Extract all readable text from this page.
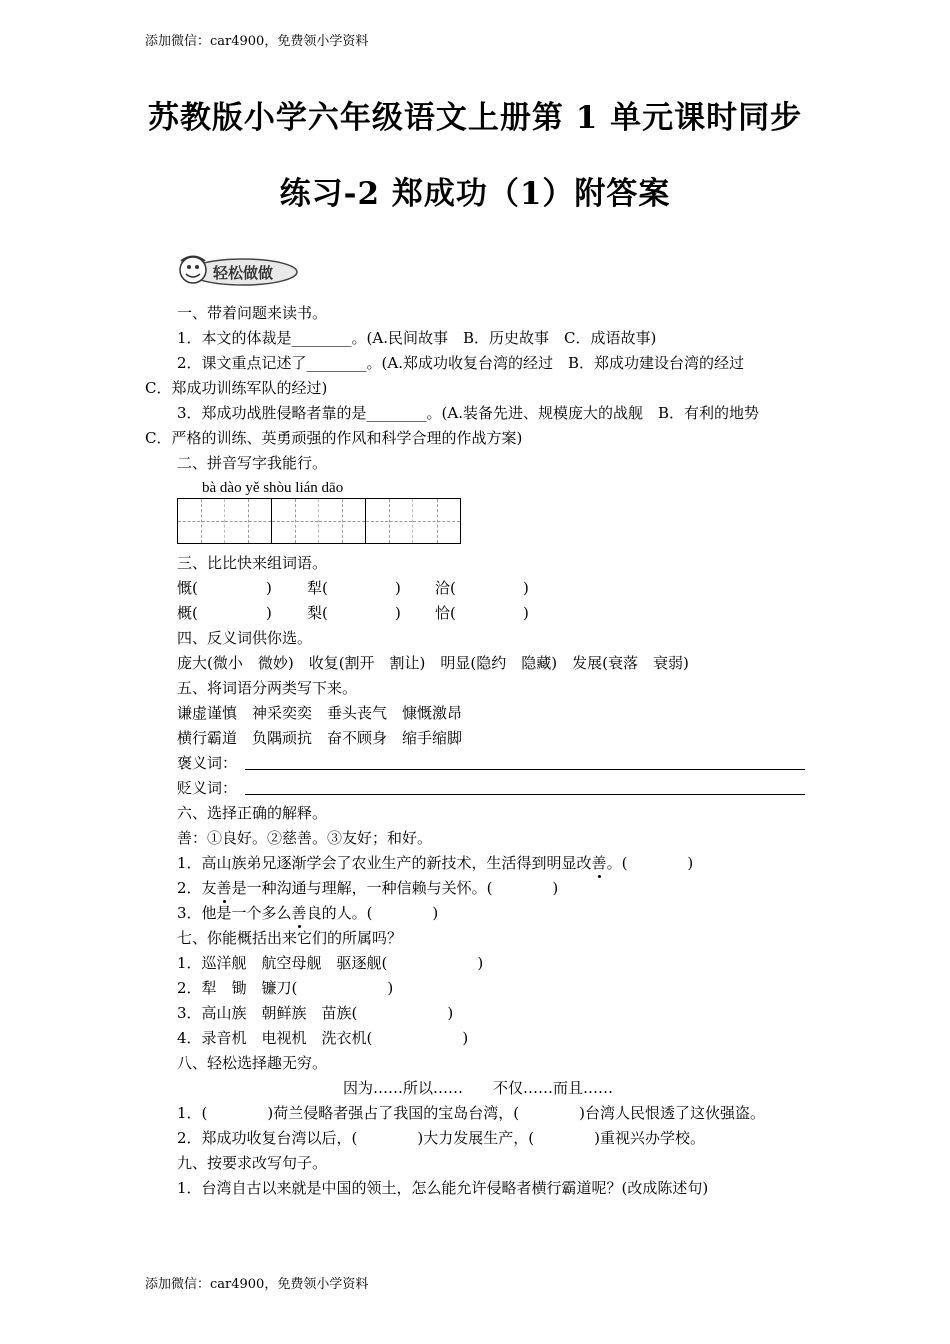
添加微信：car4900，免费领小学资料
苏教版小学六年级语文上册第 1 单元课时同步
练习-2 郑成功（1）附答案
轻松做做
一、带着问题来读书。
1．本文的体裁是________。(A.民间故事　B．历史故事　C．成语故事)
2．课文重点记述了________。(A.郑成功收复台湾的经过　B．郑成功建设台湾的经过
C．郑成功训练军队的经过)
3．郑成功战胜侵略者靠的是________。(A.装备先进、规模庞大的战舰　B．有利的地势
C．严格的训练、英勇顽强的作风和科学合理的作战方案)
二、拼音写字我能行。
bà dào yě shòu lián dāo
三、比比快来组词语。
慨(	) 犁(	) 洽(	)
概(	) 梨(	) 恰(	)
四、反义词供你选。
庞大(微小　微妙)　收复(割开　割让)　明显(隐约　隐藏)　发展(衰落　衰弱)
五、将词语分两类写下来。
谦虚谨慎　神采奕奕　垂头丧气　慷慨激昂
横行霸道　负隅顽抗　奋不顾身　缩手缩脚
褒义词：
贬义词：
六、选择正确的解释。
善：①良好。②慈善。③友好；和好。
1．高山族弟兄逐渐学会了农业生产的新技术，生活得到明显改善。(　　　　)
2．友善是一种沟通与理解，一种信赖与关怀。(　　　　)
3．他是一个多么善良的人。(　　　　)
七、你能概括出来它们的所属吗？
1．巡洋舰　航空母舰　驱逐舰(　　　　　　)
2．犁　锄　镰刀(　　　　　　)
3．高山族　朝鲜族　苗族(　　　　　　)
4．录音机　电视机　洗衣机(　　　　　　)
八、轻松选择趣无穷。
因为……所以……　　不仅……而且……
1．(　　　　)荷兰侵略者强占了我国的宝岛台湾，(　　　　)台湾人民恨透了这伙强盗。
2．郑成功收复台湾以后，(　　　　)大力发展生产，(　　　　)重视兴办学校。
九、按要求改写句子。
1．台湾自古以来就是中国的领土，怎么能允许侵略者横行霸道呢？(改成陈述句)
添加微信：car4900，免费领小学资料
